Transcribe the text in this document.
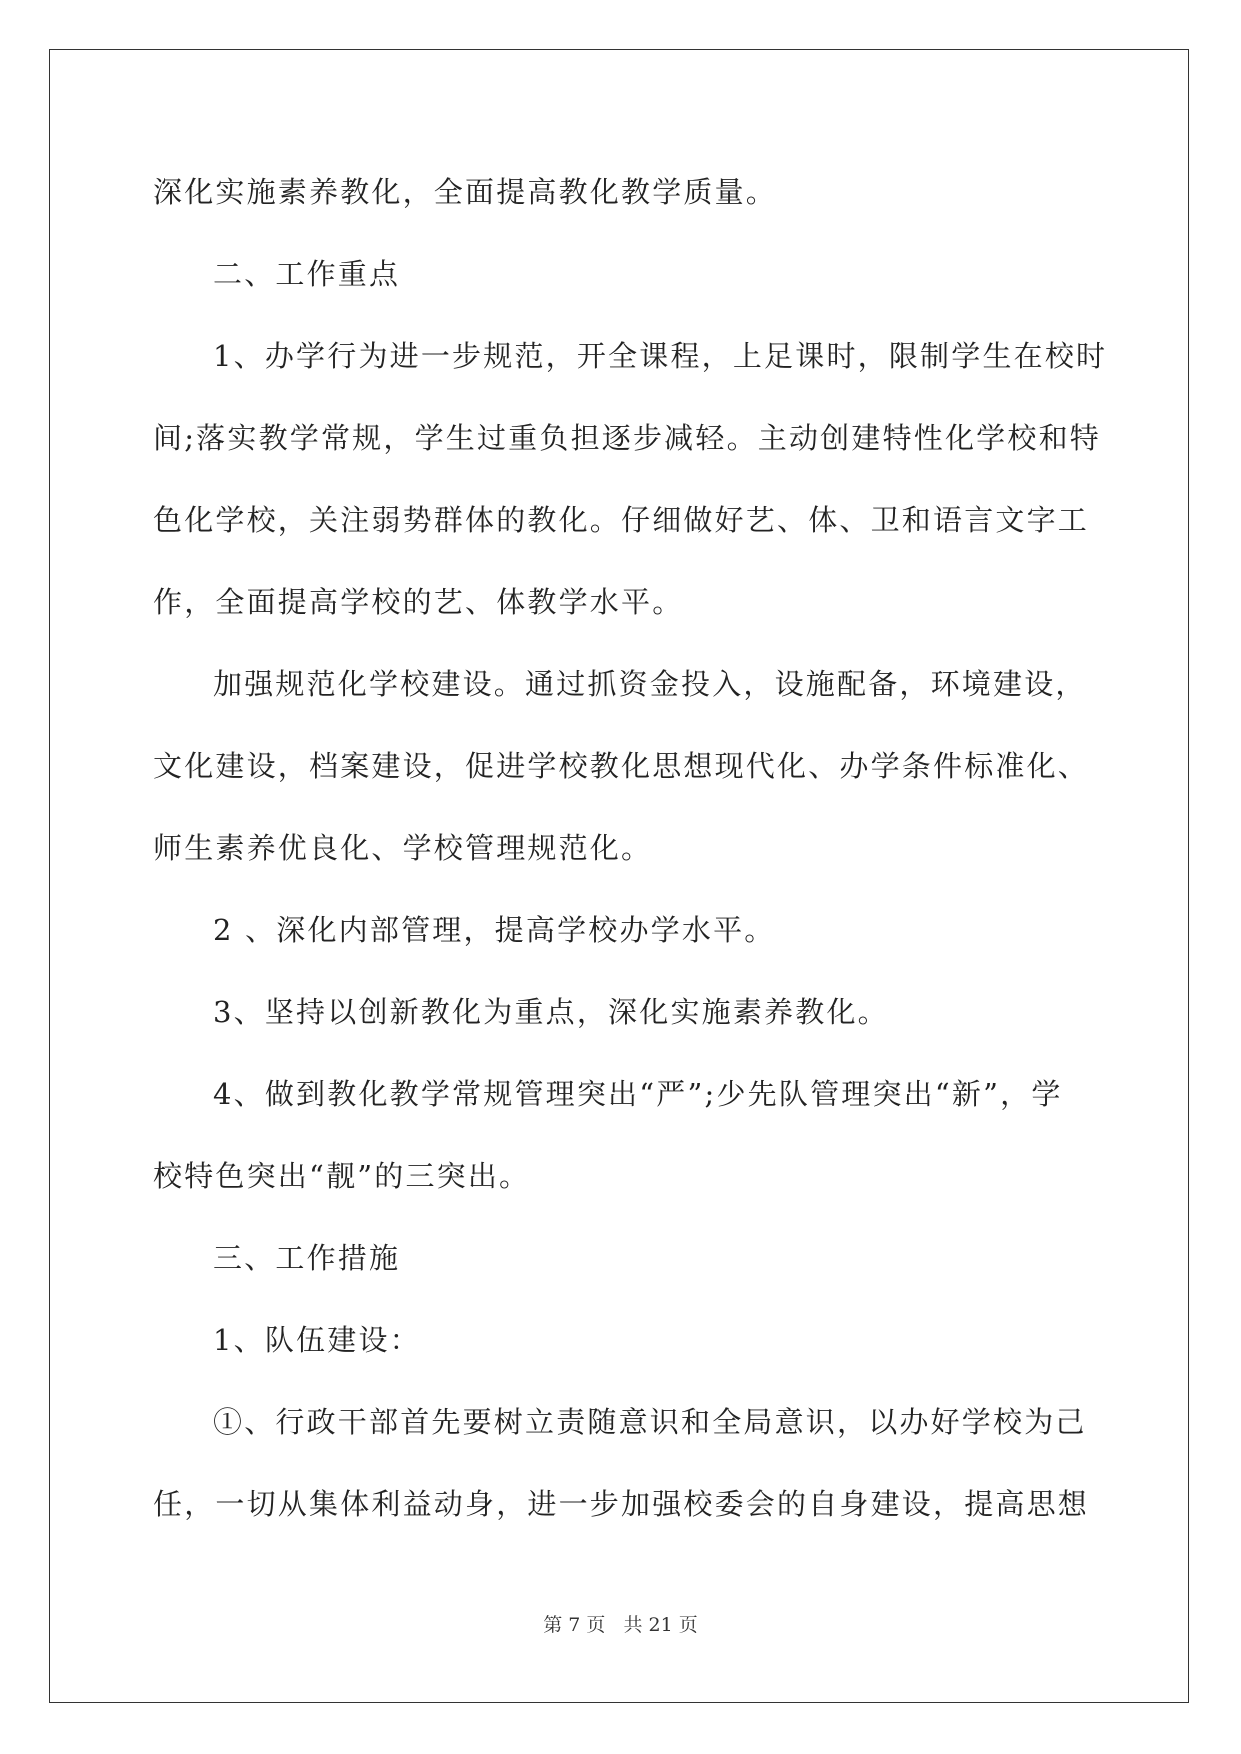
深化实施素养教化，全面提高教化教学质量。
二、工作重点
1、办学行为进一步规范，开全课程，上足课时，限制学生在校时
间;落实教学常规，学生过重负担逐步减轻。主动创建特性化学校和特
色化学校，关注弱势群体的教化。仔细做好艺、体、卫和语言文字工
作，全面提高学校的艺、体教学水平。
加强规范化学校建设。通过抓资金投入，设施配备，环境建设，
文化建设，档案建设，促进学校教化思想现代化、办学条件标准化、
师生素养优良化、学校管理规范化。
2 、深化内部管理，提高学校办学水平。
3、坚持以创新教化为重点，深化实施素养教化。
4、做到教化教学常规管理突出“严”;少先队管理突出“新”，学
校特色突出“靓”的三突出。
三、工作措施
1、队伍建设：
①、行政干部首先要树立责随意识和全局意识，以办好学校为己
任，一切从集体利益动身，进一步加强校委会的自身建设，提高思想
第 7 页 共 21 页
